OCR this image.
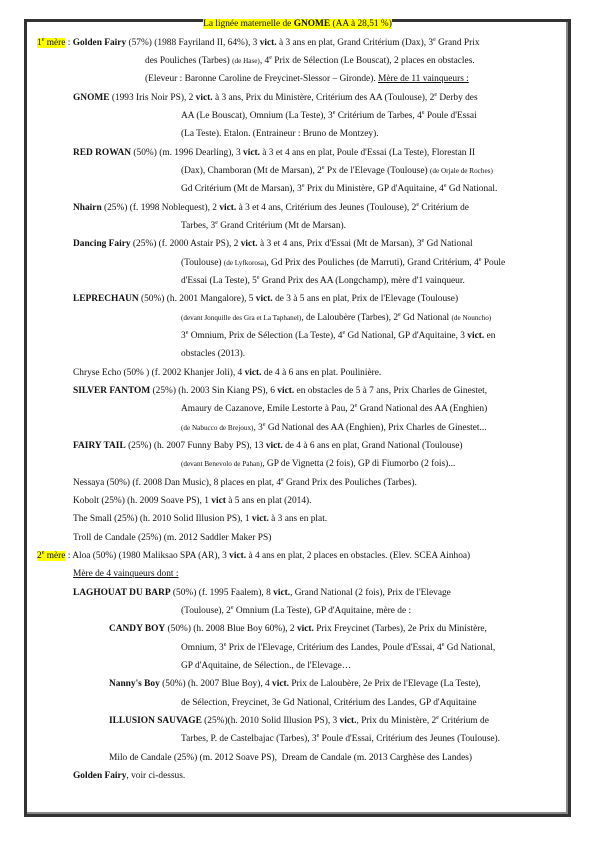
La lignée maternelle de GNOME (AA à 28,51 %)
1e mère : Golden Fairy (57%) (1988 Fayriland II, 64%), 3 vict. à 3 ans en plat, Grand Critérium (Dax), 3e Grand Prix
des Pouliches (Tarbes) (de Hase), 4e Prix de Sélection (Le Bouscat), 2 places en obstacles.
(Eleveur : Baronne Caroline de Freycinet-Slessor – Gironde). Mère de 11 vainqueurs :
GNOME (1993 Iris Noir PS), 2 vict. à 3 ans, Prix du Ministère, Critérium des AA (Toulouse), 2e Derby des
AA (Le Bouscat), Omnium (La Teste), 3e Critérium de Tarbes, 4e Poule d'Essai
(La Teste). Etalon. (Entraineur : Bruno de Montzey).
RED ROWAN (50%) (m. 1996 Dearling), 3 vict. à 3 et 4 ans en plat, Poule d'Essai (La Teste), Florestan II
(Dax), Chamboran (Mt de Marsan), 2e Px de l'Elevage (Toulouse) (de Orjale de Roches)
Gd Critérium (Mt de Marsan), 3e Prix du Ministère, GP d'Aquitaine, 4e Gd National.
Nhairn (25%) (f. 1998 Noblequest), 2 vict. à 3 et 4 ans, Critérium des Jeunes (Toulouse), 2e Critérium de
Tarbes, 3e Grand Critérium (Mt de Marsan).
Dancing Fairy (25%) (f. 2000 Astair PS), 2 vict. à 3 et 4 ans, Prix d'Essai (Mt de Marsan), 3e Gd National
(Toulouse) (de Lyfkorosa), Gd Prix des Pouliches (de Marruti), Grand Critérium, 4e Poule
d'Essai (La Teste), 5e Grand Prix des AA (Longchamp), mère d'1 vainqueur.
LEPRECHAUN (50%) (h. 2001 Mangalore), 5 vict. de 3 à 5 ans en plat, Prix de l'Elevage (Toulouse)
(devant Jonquille des Gra et La Taphanel), de Laloubère (Tarbes), 2e Gd National (de Nouncho)
3e Omnium, Prix de Sélection (La Teste), 4e Gd National, GP d'Aquitaine, 3 vict. en
obstacles (2013).
Chryse Echo (50% ) (f. 2002 Khanjer Joli), 4 vict. de 4 à 6 ans en plat. Poulinière.
SILVER FANTOM (25%) (h. 2003 Sin Kiang PS), 6 vict. en obstacles de 5 à 7 ans, Prix Charles de Ginestet,
Amaury de Cazanove, Emile Lestorte à Pau, 2e Grand National des AA (Enghien)
(de Nabucco de Brejoux), 3e Gd National des AA (Enghien), Prix Charles de Ginestet...
FAIRY TAIL (25%) (h. 2007 Funny Baby PS), 13 vict. de 4 à 6 ans en plat, Grand National (Toulouse)
(devant Benevolo de Pahan), GP de Vignetta (2 fois), GP di Fiumorbo (2 fois)...
Nessaya (50%) (f. 2008 Dan Music), 8 places en plat, 4e Grand Prix des Pouliches (Tarbes).
Kobolt (25%) (h. 2009 Soave PS), 1 vict à 5 ans en plat (2014).
The Small (25%) (h. 2010 Solid Illusion PS), 1 vict. à 3 ans en plat.
Troll de Candale (25%) (m. 2012 Saddler Maker PS)
2e mère : Aloa (50%) (1980 Maliksao SPA (AR), 3 vict. à 4 ans en plat, 2 places en obstacles. (Elev. SCEA Ainhoa)
Mère de 4 vainqueurs dont :
LAGHOUAT DU BARP (50%) (f. 1995 Faalem), 8 vict., Grand National (2 fois), Prix de l'Elevage
(Toulouse), 2e Omnium (La Teste), GP d'Aquitaine, mère de :
CANDY BOY (50%) (h. 2008 Blue Boy 60%), 2 vict. Prix Freycinet (Tarbes), 2e Prix du Ministère,
Omnium, 3e Prix de l'Elevage, Critérium des Landes, Poule d'Essai, 4e Gd National,
GP d'Aquitaine, de Sélection., de l'Elevage…
Nanny's Boy (50%) (h. 2007 Blue Boy), 4 vict. Prix de Laloubère, 2e Prix de l'Elevage (La Teste),
de Sélection, Freycinet, 3e Gd National, Critérium des Landes, GP d'Aquitaine
ILLUSION SAUVAGE (25%)(h. 2010 Solid Illusion PS), 3 vict., Prix du Ministère, 2e Critérium de
Tarbes, P. de Castelbajac (Tarbes), 3e Poule d'Essai, Critérium des Jeunes (Toulouse).
Milo de Candale (25%) (m. 2012 Soave PS),  Dream de Candale (m. 2013 Carghèse des Landes)
Golden Fairy, voir ci-dessus.
